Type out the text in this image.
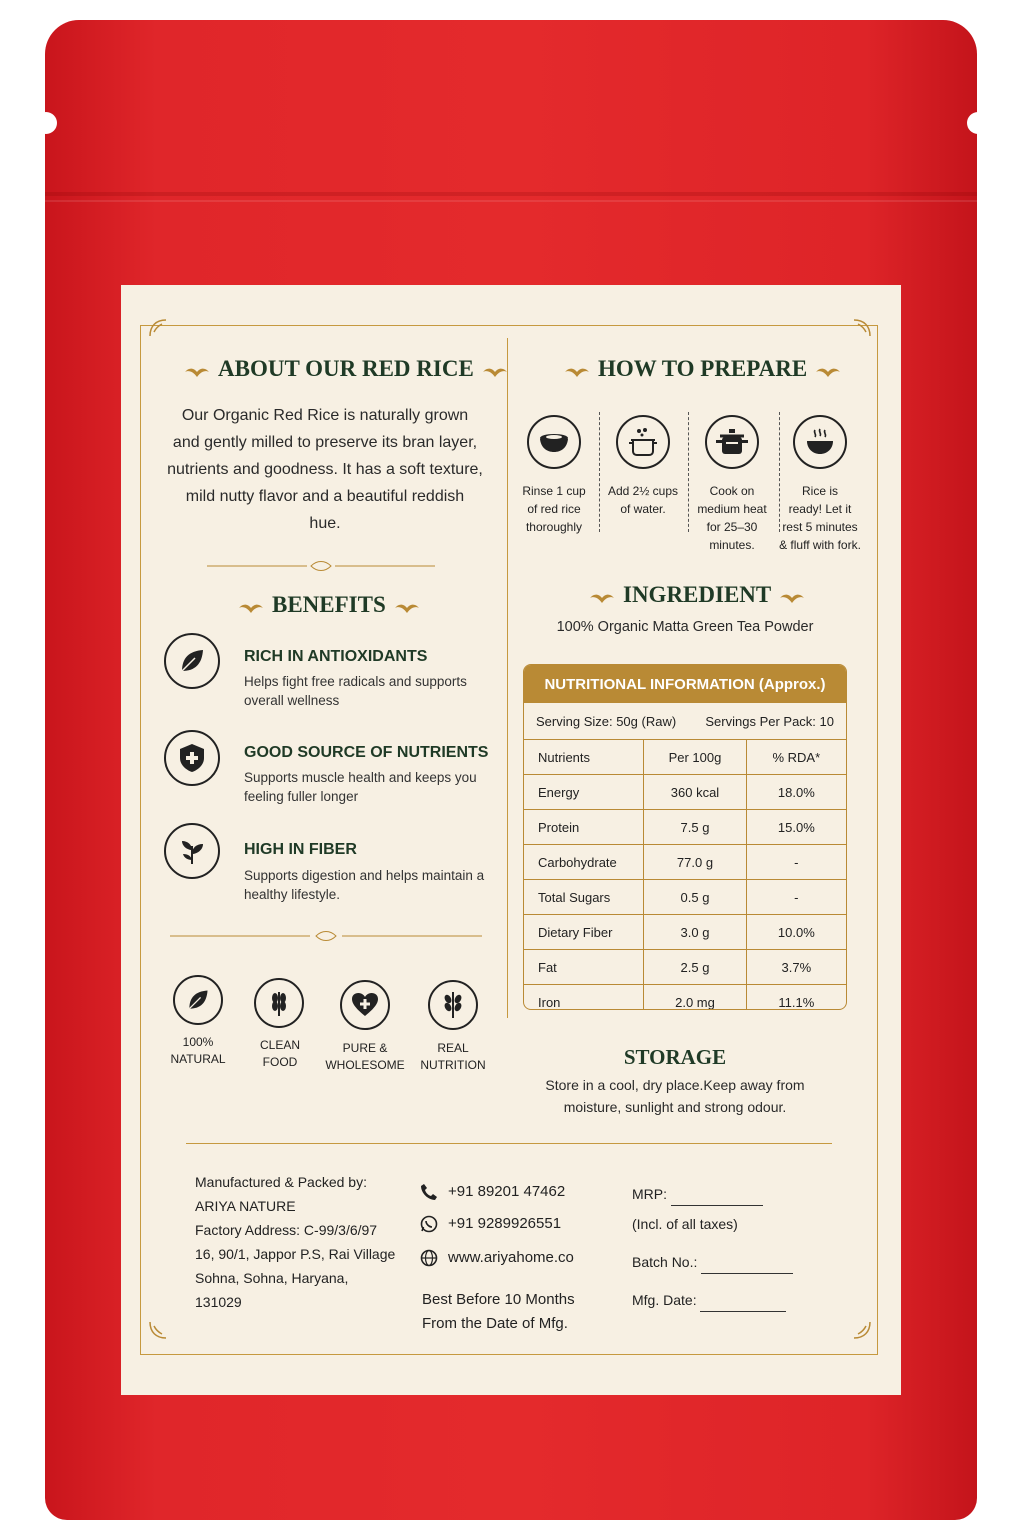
ABOUT OUR RED RICE
Our Organic Red Rice is naturally grown
and gently milled to preserve its bran layer,
nutrients and goodness. It has a soft texture,
mild nutty flavor and a beautiful reddish
hue.
BENEFITS
RICH IN ANTIOXIDANTS
Helps fight free radicals and supports
overall wellness
GOOD SOURCE OF NUTRIENTS
Supports muscle health and keeps you
feeling fuller longer
HIGH IN FIBER
Supports digestion and helps maintain a
healthy lifestyle.
100%
NATURAL
CLEAN
FOOD
PURE &
WHOLESOME
REAL
NUTRITION
HOW TO PREPARE
Rinse 1 cup
of red rice
thoroughly
Add 2½ cups
of water.
Cook on
medium heat
for 25–30
minutes.
Rice is
ready! Let it
rest 5 minutes
& fluff with fork.
INGREDIENT
100% Organic Matta Green Tea Powder
NUTRITIONAL INFORMATION (Approx.)
Serving Size: 50g (Raw) Servings Per Pack: 10
Nutrients	Per 100g	% RDA*
Energy	360 kcal	18.0%
Protein	7.5 g	15.0%
Carbohydrate	77.0 g	-
Total Sugars	0.5 g	-
Dietary Fiber	3.0 g	10.0%
Fat	2.5 g	3.7%
Iron	2.0 mg	11.1%
STORAGE
Store in a cool, dry place.Keep away from
moisture, sunlight and strong odour.
Manufactured & Packed by:
ARIYA NATURE
Factory Address: C-99/3/6/97
16, 90/1, Jappor P.S, Rai Village
Sohna, Sohna, Haryana,
131029
+91 89201 47462
+91 9289926551
www.ariyahome.co
Best Before 10 Months
From the Date of Mfg.
MRP:
(Incl. of all taxes)
Batch No.:
Mfg. Date:
